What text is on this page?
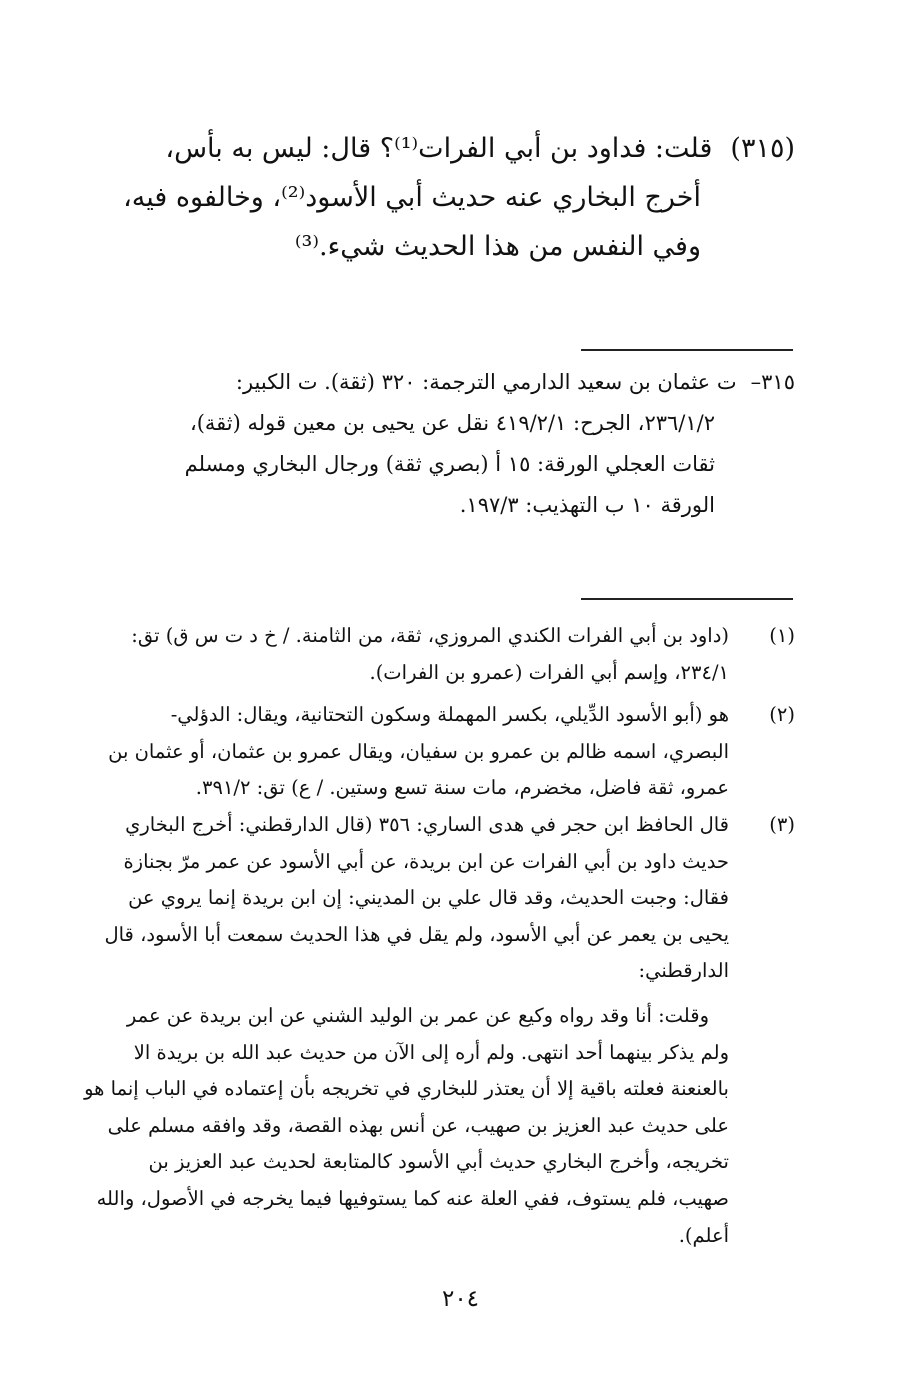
(٣١٥)قلت: فداود بن أبي الفرات⁽¹⁾؟ قال: ليس به بأس،
أخرج البخاري عنه حديث أبي الأسود⁽²⁾، وخالفوه فيه،
وفي النفس من هذا الحديث شيء.⁽³⁾
٣١٥–ت عثمان بن سعيد الدارمي الترجمة: ٣٢٠ (ثقة). ت الكبير:
٢٣٦/١/٢، الجرح: ٤١٩/٢/١ نقل عن يحيى بن معين قوله (ثقة)،
ثقات العجلي الورقة: ١٥ أ (بصري ثقة) ورجال البخاري ومسلم
الورقة ١٠ ب التهذيب: ١٩٧/٣.
(١)
(داود بن أبي الفرات الكندي المروزي، ثقة، من الثامنة. / خ د ت س ق) تق:
٢٣٤/١، وإسم أبي الفرات (عمرو بن الفرات).
(٢)
هو (أبو الأسود الدِّيلي، بكسر المهملة وسكون التحتانية، ويقال: الدؤلي-
البصري، اسمه ظالم بن عمرو بن سفيان، ويقال عمرو بن عثمان، أو عثمان بن
عمرو، ثقة فاضل، مخضرم، مات سنة تسع وستين. / ع) تق: ٣٩١/٢.
(٣)
قال الحافظ ابن حجر في هدى الساري: ٣٥٦ (قال الدارقطني: أخرج البخاري
حديث داود بن أبي الفرات عن ابن بريدة، عن أبي الأسود عن عمر مرّ بجنازة
فقال: وجبت الحديث، وقد قال علي بن المديني: إن ابن بريدة إنما يروي عن
يحيى بن يعمر عن أبي الأسود، ولم يقل في هذا الحديث سمعت أبا الأسود، قال
الدارقطني:
وقلت: أنا وقد رواه وكيع عن عمر بن الوليد الشني عن ابن بريدة عن عمر
ولم يذكر بينهما أحد انتهى. ولم أره إلى الآن من حديث عبد الله بن بريدة الا
بالعنعنة فعلته باقية إلا أن يعتذر للبخاري في تخريجه بأن إعتماده في الباب إنما هو
على حديث عبد العزيز بن صهيب، عن أنس بهذه القصة، وقد وافقه مسلم على
تخريجه، وأخرج البخاري حديث أبي الأسود كالمتابعة لحديث عبد العزيز بن
صهيب، فلم يستوف، ففي العلة عنه كما يستوفيها فيما يخرجه في الأصول، والله
أعلم).
٢٠٤
